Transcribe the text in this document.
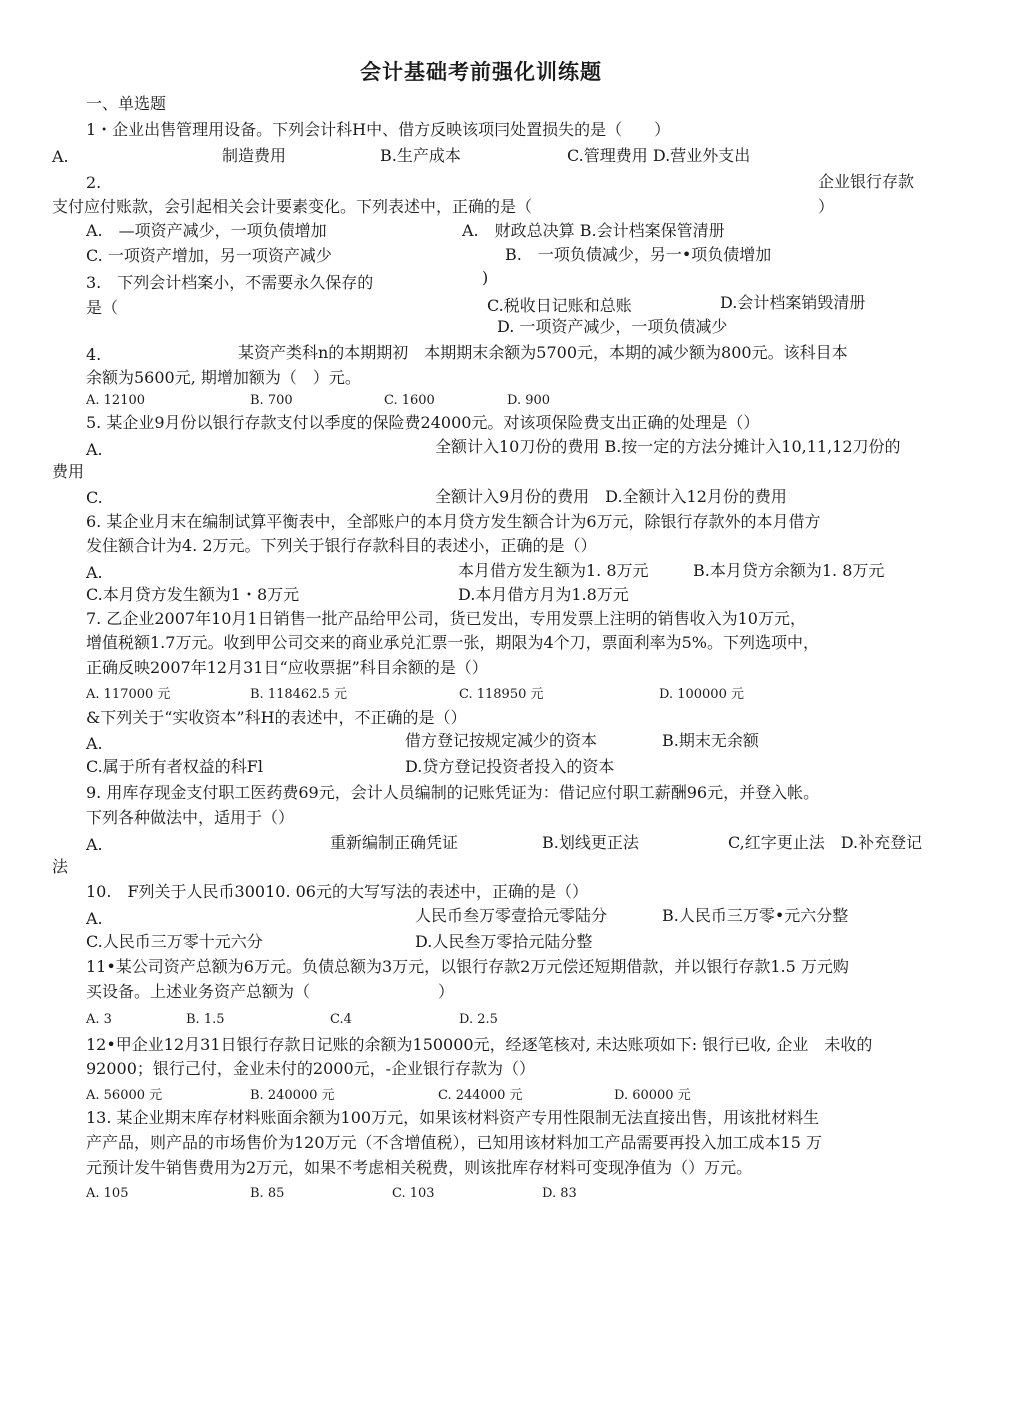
会计基础考前强化训练题
一、单选题
1・企业出售管理用设备。下列会计科H中、借方反映该项冃处置损失的是（　　）
A.	制造费用	B.生产成本	C.管理费用 D.营业外支出
2.	企业银行存款
支付应付账款，会引起相关会计要素变化。下列表述中，正确的是（	）
A.　—项资产减少，一项负债增加	A.　财政总决算 B.会计档案保管清册
C. 一项资产增加，另一项资产减少	B.　一项负债减少，另一•项负债增加
3.　下列会计档案小，不需要永久保存的	)
是（	C.税收日记账和总账	D.会计档案销毁清册
D. 一项资产减少，一项负债减少
4.	某资产类科n的本期期初　本期期末余额为5700元，本期的减少额为800元。该科目本
余额为5600元, 期增加额为（　）元。
A. 12100	B. 700	C. 1600	D. 900
5. 某企业9月份以银行存款支付以季度的保险费24000元。对该项保险费支出正确的处理是（）
A.	全额计入10刀份的费用 B.按一定的方法分摊计入10,11,12刀份的
费用
C.	全额计入9月份的费用　D.全额计入12月份的费用
6. 某企业月末在编制试算平衡表中，全部账户的本月贷方发生额合计为6万元，除银行存款外的本月借方
发住额合计为4. 2万元。下列关于银行存款科目的表述小，正确的是（）
A.	本月借方发生额为1. 8万元	B.本月贷方余额为1. 8万元
C.本月贷方发生额为1・8万元	D.本月借方月为1.8万元
7. 乙企业2007年10月1日销售一批产品给甲公司，货已发出，专用发票上注明的销售收入为10万元，
增值税额1.7万元。收到甲公司交来的商业承兑汇票一张，期限为4个刀，票面利率为5%。下列选项中，
正确反映2007年12月31日“应收票据”科目余额的是（）
A. 117000 元	B. 118462.5 元	C. 118950 元	D. 100000 元
&下列关于“实收资本”科H的表述中，不正确的是（）
A.	借方登记按规定减少的资本	B.期末无余额
C.属于所有者权益的科Fl	D.贷方登记投资者投入的资本
9. 用库存现金支付职工医药费69元，会计人员编制的记账凭证为：借记应付职工薪酬96元，并登入帐。
下列各种做法中，适用于（）
A.	重新编制正确凭证	B.划线更正法	C,红字更止法　D.补充登记
法
10.　F列关于人民币30010. 06元的大写写法的表述中，正确的是（）
A.	人民币叁万零壹拾元零陆分	B.人民币三万零•元六分整
C.人民币三万零十元六分	D.人民叁万零拾元陆分整
11•某公司资产总额为6万元。负债总额为3万元，以银行存款2万元偿还短期借款，并以银行存款1.5 万元购
买设备。上述业务资产总额为（	）
A. 3	B. 1.5	C.4	D. 2.5
12•甲企业12月31日银行存款日记账的余额为150000元，经逐笔核对, 未达账项如下: 银行已收, 企业　未收的
92000；银行己付，金业未付的2000元，-企业银行存款为（）
A. 56000 元	B. 240000 元	C. 244000 元	D. 60000 元
13. 某企业期末库存材料账面余额为100万元，如果该材料资产专用性限制无法直接出售，用该批材料生
产产品，则产品的市场售价为120万元（不含增值税），已知用该材料加工产品需要再投入加工成本15 万
元预计发牛销售费用为2万元，如果不考虑相关税费，则该批库存材料可变现净值为（）万元。
A. 105	B. 85	C. 103	D. 83
